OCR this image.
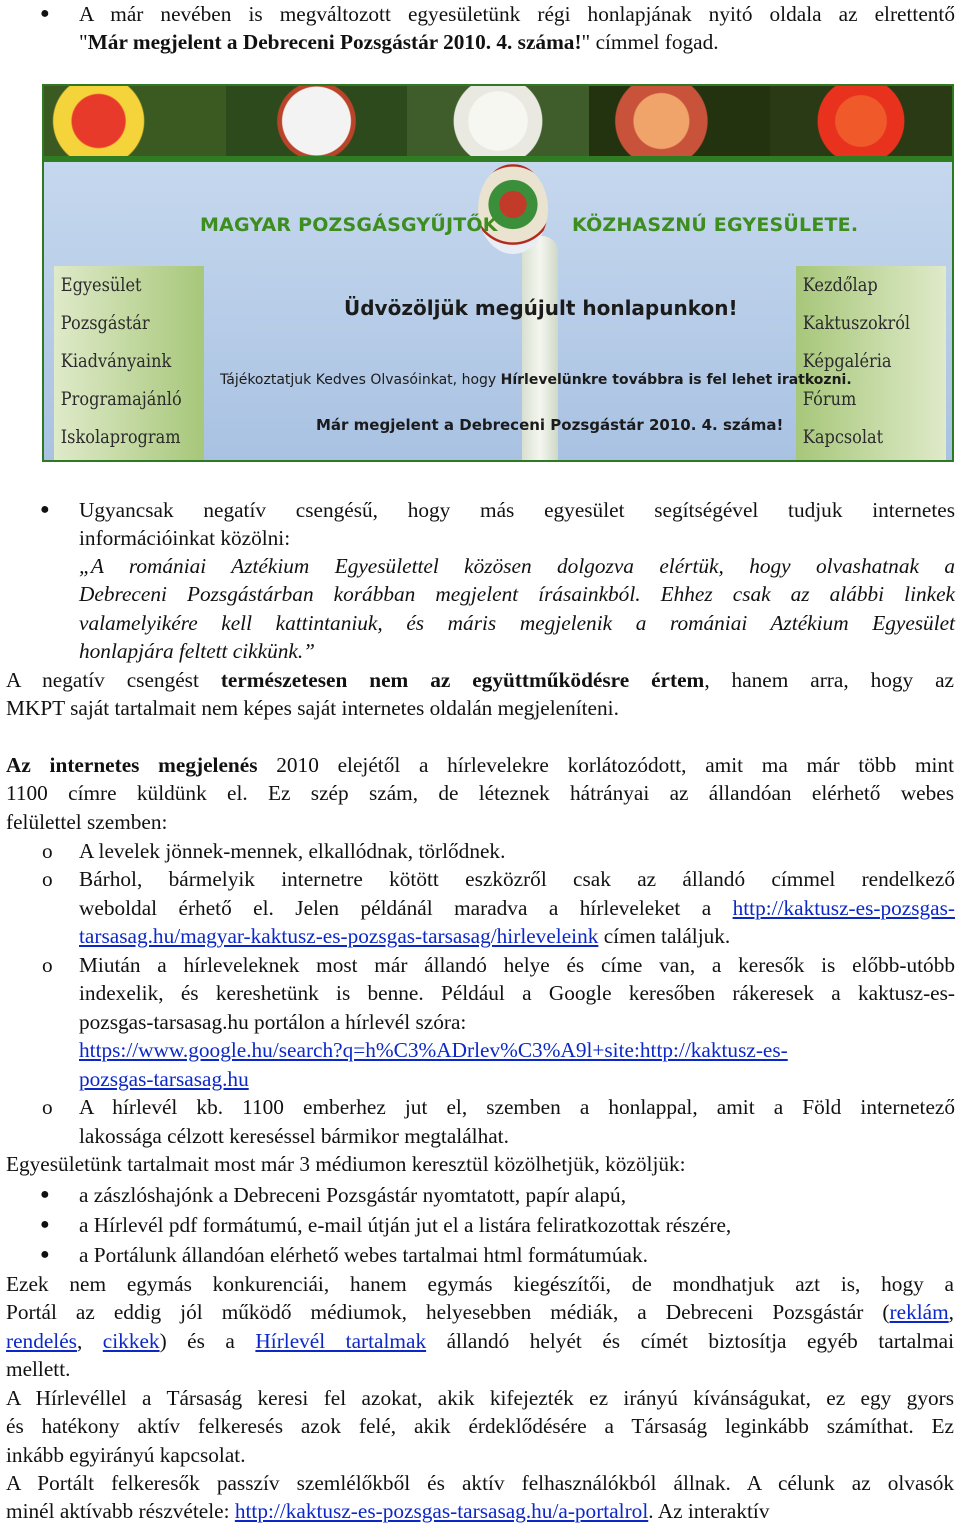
● A már nevében is megváltozott egyesületünk régi honlapjának nyitó oldala az elrettentő
"Már megjelent a Debreceni Pozsgástár 2010. 4. száma!" címmel fogad.
MAGYAR POZSGÁSGYŰJTŐK	KÖZHASZNÚ EGYESÜLETE.
Egyesület
Pozsgástár
Kiadványaink
Programajánló
Iskolaprogram
Kezdőlap
Kaktuszokról
Képgaléria
Fórum
Kapcsolat
Üdvözöljük megújult honlapunkon!
Tájékoztatjuk Kedves Olvasóinkat, hogy Hírlevelünkre továbbra is fel lehet iratkozni.
Már megjelent a Debreceni Pozsgástár 2010. 4. száma!
● Ugyancsak negatív csengésű, hogy más egyesület segítségével tudjuk internetes
információinkat közölni:
„A romániai Aztékium Egyesülettel közösen dolgozva elértük, hogy olvashatnak a
Debreceni Pozsgástárban korábban megjelent írásainkból. Ehhez csak az alábbi linkek
valamelyikére kell kattintaniuk, és máris megjelenik a romániai Aztékium Egyesület
honlapjára feltett cikkünk.”
A negatív csengést természetesen nem az együttműködésre értem, hanem arra, hogy az
MKPT saját tartalmait nem képes saját internetes oldalán megjeleníteni.
Az internetes megjelenés 2010 elejétől a hírlevelekre korlátozódott, amit ma már több mint
1100 címre küldünk el. Ez szép szám, de léteznek hátrányai az állandóan elérhető webes
felülettel szemben:
o A levelek jönnek-mennek, elkallódnak, törlődnek.
o Bárhol, bármelyik internetre kötött eszközről csak az állandó címmel rendelkező
weboldal érhető el. Jelen példánál maradva a hírleveleket a http://kaktusz-es-pozsgas-
tarsasag.hu/magyar-kaktusz-es-pozsgas-tarsasag/hirleveleink címen találjuk.
o Miután a hírleveleknek most már állandó helye és címe van, a keresők is előbb-utóbb
indexelik, és kereshetünk is benne. Például a Google keresőben rákeresek a kaktusz-es-
pozsgas-tarsasag.hu portálon a hírlevél szóra:
https://www.google.hu/search?q=h%C3%ADrlev%C3%A9l+site:http://kaktusz-es-
pozsgas-tarsasag.hu
o A hírlevél kb. 1100 emberhez jut el, szemben a honlappal, amit a Föld internetező
lakossága célzott kereséssel bármikor megtalálhat.
Egyesületünk tartalmait most már 3 médiumon keresztül közölhetjük, közöljük:
● a zászlóshajónk a Debreceni Pozsgástár nyomtatott, papír alapú,
● a Hírlevél pdf formátumú, e-mail útján jut el a listára feliratkozottak részére,
● a Portálunk állandóan elérhető webes tartalmai html formátumúak.
Ezek nem egymás konkurenciái, hanem egymás kiegészítői, de mondhatjuk azt is, hogy a
Portál az eddig jól működő médiumok, helyesebben médiák, a Debreceni Pozsgástár (reklám,
rendelés, cikkek) és a Hírlevél tartalmak állandó helyét és címét biztosítja egyéb tartalmai
mellett.
A Hírlevéllel a Társaság keresi fel azokat, akik kifejezték ez irányú kívánságukat, ez egy gyors
és hatékony aktív felkeresés azok felé, akik érdeklődésére a Társaság leginkább számíthat. Ez
inkább egyirányú kapcsolat.
A Portált felkeresők passzív szemlélőkből és aktív felhasználókból állnak. A célunk az olvasók
minél aktívabb részvétele: http://kaktusz-es-pozsgas-tarsasag.hu/a-portalrol. Az interaktív
